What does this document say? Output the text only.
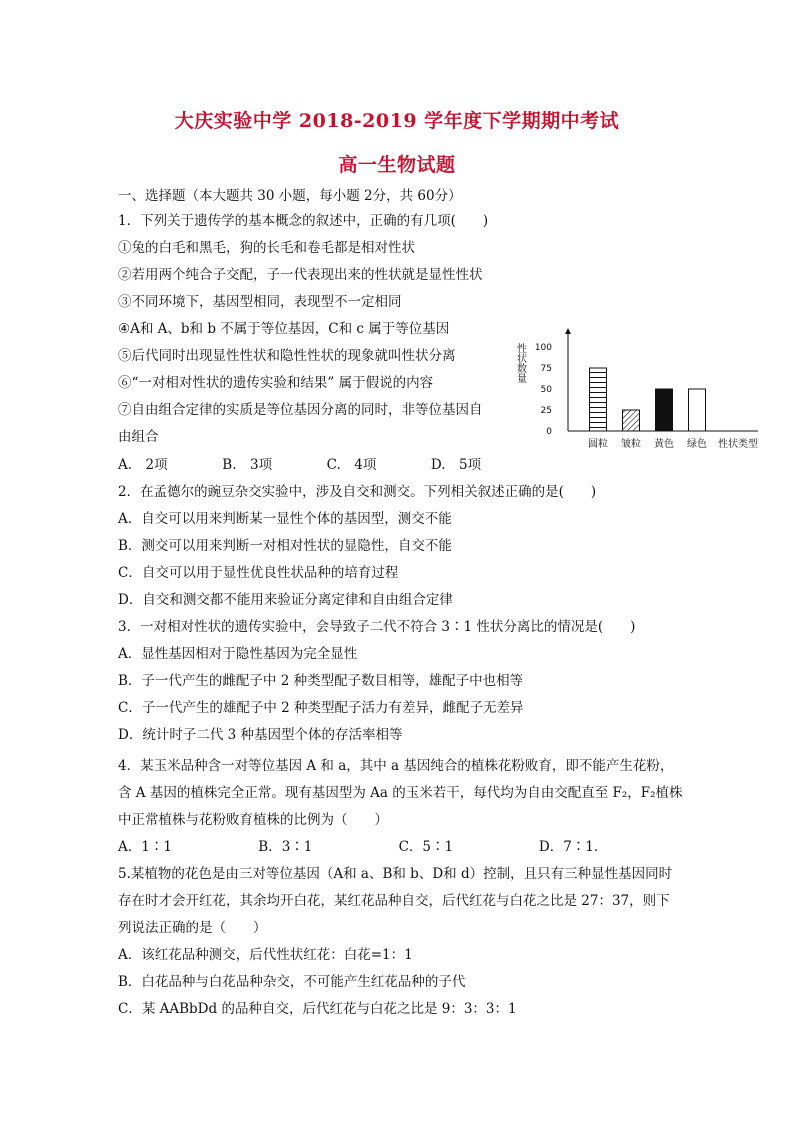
大庆实验中学 2018-2019 学年度下学期期中考试
高一生物试题
一、选择题（本大题共 30 小题，每小题 2分，共 60分）
1．下列关于遗传学的基本概念的叙述中，正确的有几项(　　)
①兔的白毛和黑毛，狗的长毛和卷毛都是相对性状
②若用两个纯合子交配，子一代表现出来的性状就是显性性状
③不同环境下，基因型相同，表现型不一定相同
④A和 A、b和 b 不属于等位基因，C和 c 属于等位基因
⑤后代同时出现显性性状和隐性性状的现象就叫性状分离
⑥“一对相对性状的遗传实验和结果” 属于假说的内容
⑦自由组合定律的实质是等位基因分离的同时，非等位基因自
由组合
A.　2项	B.　3项	C.　4项	D.　5项
性状数量
0
25
50
75
100
圆粒 皱粒 黄色 绿色 性状类型
2．在孟德尔的豌豆杂交实验中，涉及自交和测交。下列相关叙述正确的是(　　)
A．自交可以用来判断某一显性个体的基因型，测交不能
B．测交可以用来判断一对相对性状的显隐性，自交不能
C．自交可以用于显性优良性状品种的培育过程
D．自交和测交都不能用来验证分离定律和自由组合定律
3．一对相对性状的遗传实验中，会导致子二代不符合 3∶1 性状分离比的情况是(　　)
A．显性基因相对于隐性基因为完全显性
B．子一代产生的雌配子中 2 种类型配子数目相等，雄配子中也相等
C．子一代产生的雄配子中 2 种类型配子活力有差异，雌配子无差异
D．统计时子二代 3 种基因型个体的存活率相等
4．某玉米品种含一对等位基因 A 和 a，其中 a 基因纯合的植株花粉败育，即不能产生花粉，
含 A 基因的植株完全正常。现有基因型为 Aa 的玉米若干，每代均为自由交配直至 F₂，F₂植株
中正常植株与花粉败育植株的比例为（　　）
A．1∶1	B．3∶1	C．5∶1	D．7∶1．
5.某植物的花色是由三对等位基因（A和 a、B和 b、D和 d）控制，且只有三种显性基因同时
存在时才会开红花，其余均开白花，某红花品种自交，后代红花与白花之比是 27：37，则下
列说法正确的是（　　）
A．该红花品种测交，后代性状红花：白花=1：1
B．白花品种与白花品种杂交，不可能产生红花品种的子代
C．某 AABbDd 的品种自交，后代红花与白花之比是 9：3：3：1
